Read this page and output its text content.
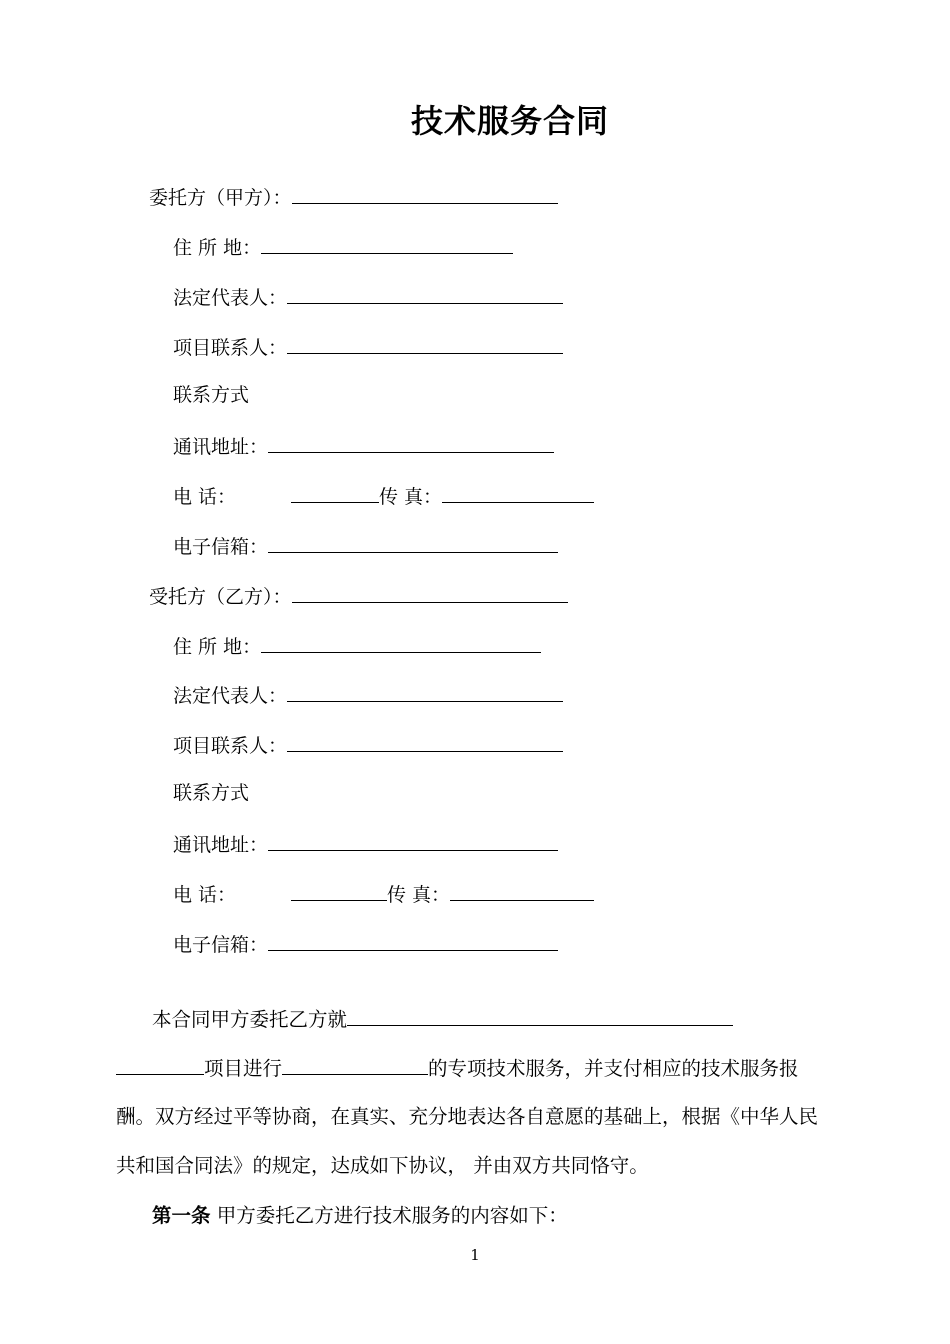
技术服务合同
委托方（甲方）：
住 所 地：
法定代表人：
项目联系人：
联系方式
通讯地址：
电 话：	传 真：
电子信箱：
受托方（乙方）：
住 所 地：
法定代表人：
项目联系人：
联系方式
通讯地址：
电 话：	传 真：
电子信箱：
本合同甲方委托乙方就
项目进行	的专项技术服务，并支付相应的技术服务报
酬。双方经过平等协商，在真实、充分地表达各自意愿的基础上，根据《中华人民
共和国合同法》的规定，达成如下协议， 并由双方共同恪守。
第一条 甲方委托乙方进行技术服务的内容如下：
1
